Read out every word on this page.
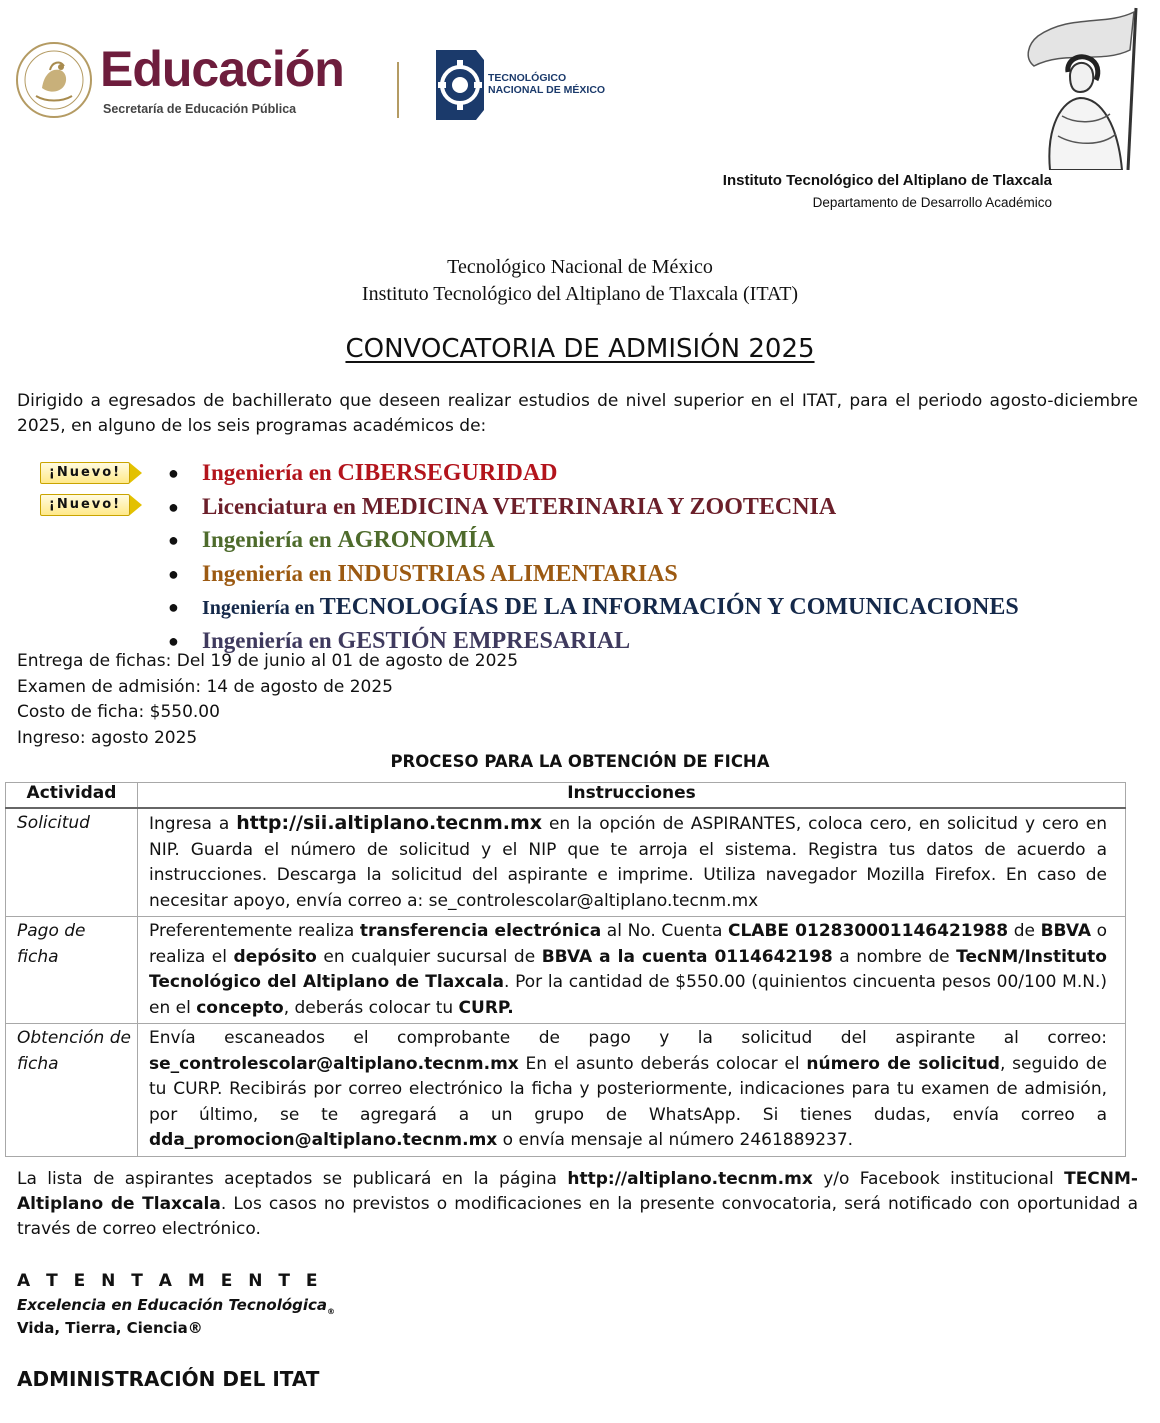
Educación
Secretaría de Educación Pública
TECNOLÓGICO
NACIONAL DE MÉXICO
Instituto Tecnológico del Altiplano de Tlaxcala
Departamento de Desarrollo Académico
Tecnológico Nacional de México
Instituto Tecnológico del Altiplano de Tlaxcala (ITAT)
CONVOCATORIA DE ADMISIÓN 2025
Dirigido a egresados de bachillerato que deseen realizar estudios de nivel superior en el ITAT, para el periodo agosto-diciembre 2025, en alguno de los seis programas académicos de:
¡Nuevo!
¡Nuevo!
● Ingeniería en CIBERSEGURIDAD
● Licenciatura en MEDICINA VETERINARIA Y ZOOTECNIA
● Ingeniería en AGRONOMÍA
● Ingeniería en INDUSTRIAS ALIMENTARIAS
● Ingeniería en TECNOLOGÍAS DE LA INFORMACIÓN Y COMUNICACIONES
● Ingeniería en GESTIÓN EMPRESARIAL
Entrega de fichas: Del 19 de junio al 01 de agosto de 2025
Examen de admisión: 14 de agosto de 2025
Costo de ficha: $550.00
Ingreso: agosto 2025
PROCESO PARA LA OBTENCIÓN DE FICHA
Actividad	Instrucciones
Solicitud	Ingresa a http://sii.altiplano.tecnm.mx en la opción de ASPIRANTES, coloca cero, en solicitud y cero en NIP. Guarda el número de solicitud y el NIP que te arroja el sistema. Registra tus datos de acuerdo a instrucciones. Descarga la solicitud del aspirante e imprime. Utiliza navegador Mozilla Firefox. En caso de necesitar apoyo, envía correo a: se_controlescolar@altiplano.tecnm.mx
Pago de ficha	Preferentemente realiza transferencia electrónica al No. Cuenta CLABE 012830001146421988 de BBVA o realiza el depósito en cualquier sucursal de BBVA a la cuenta 0114642198 a nombre de TecNM/Instituto Tecnológico del Altiplano de Tlaxcala. Por la cantidad de $550.00 (quinientos cincuenta pesos 00/100 M.N.) en el concepto, deberás colocar tu CURP.
Obtención de ficha	Envía escaneados el comprobante de pago y la solicitud del aspirante al correo: se_controlescolar@altiplano.tecnm.mx En el asunto deberás colocar el número de solicitud, seguido de tu CURP. Recibirás por correo electrónico la ficha y posteriormente, indicaciones para tu examen de admisión, por último, se te agregará a un grupo de WhatsApp. Si tienes dudas, envía correo a dda_promocion@altiplano.tecnm.mx o envía mensaje al número 2461889237.
La lista de aspirantes aceptados se publicará en la página http://altiplano.tecnm.mx y/o Facebook institucional TECNM-Altiplano de Tlaxcala. Los casos no previstos o modificaciones en la presente convocatoria, será notificado con oportunidad a través de correo electrónico.
A T E N T A M E N T E
Excelencia en Educación Tecnológica$_®$
Vida, Tierra, Ciencia®
ADMINISTRACIÓN DEL ITAT
